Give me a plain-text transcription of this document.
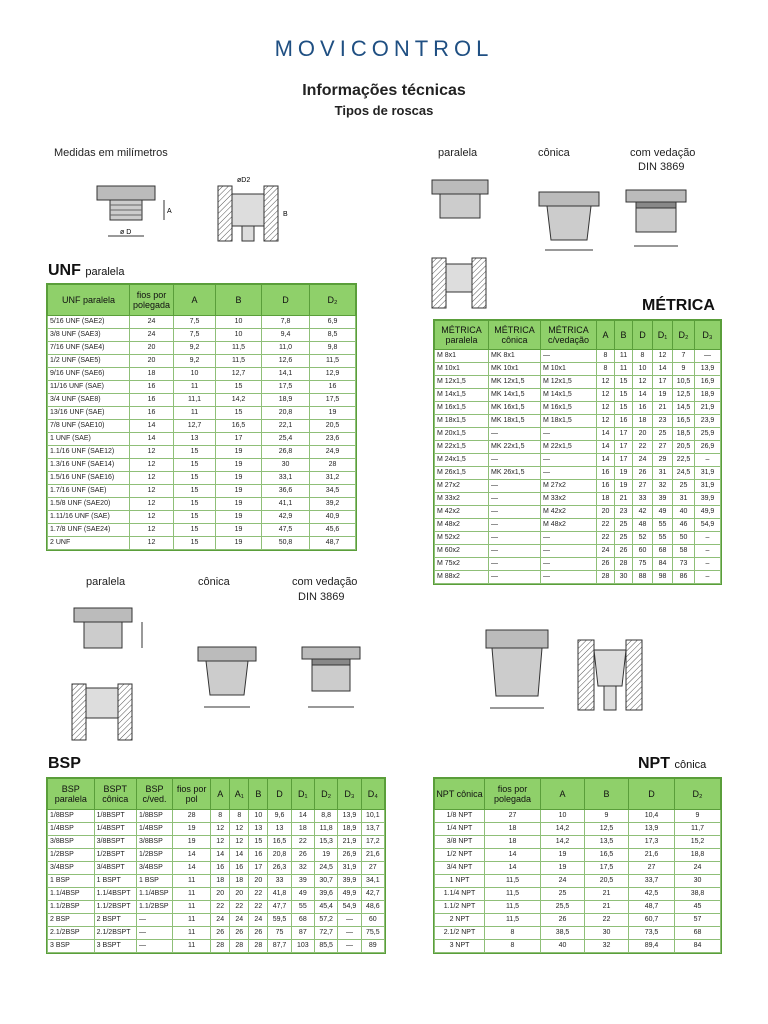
MOVICONTROL
Informações técnicas
Tipos de roscas
Medidas em milímetros	paralela	cônica	com vedação
DIN 3869
ø D
A
øD2
B
UNF paralela
UNF paralela	fios por polegada	A	B	D	D₂
5/16 UNF (SAE2)	24	7,5	10	7,8	6,9
3/8 UNF (SAE3)	24	7,5	10	9,4	8,5
7/16 UNF (SAE4)	20	9,2	11,5	11,0	9,8
1/2 UNF (SAE5)	20	9,2	11,5	12,6	11,5
9/16 UNF (SAE6)	18	10	12,7	14,1	12,9
11/16 UNF (SAE)	16	11	15	17,5	16
3/4 UNF (SAE8)	16	11,1	14,2	18,9	17,5
13/16 UNF (SAE)	16	11	15	20,8	19
7/8 UNF (SAE10)	14	12,7	16,5	22,1	20,5
1 UNF (SAE)	14	13	17	25,4	23,6
1.1/16 UNF (SAE12)	12	15	19	26,8	24,9
1.3/16 UNF (SAE14)	12	15	19	30	28
1.5/16 UNF (SAE16)	12	15	19	33,1	31,2
1.7/16 UNF (SAE)	12	15	19	36,6	34,5
1.5/8 UNF (SAE20)	12	15	19	41,1	39,2
1.11/16 UNF (SAE)	12	15	19	42,9	40,9
1.7/8 UNF (SAE24)	12	15	19	47,5	45,6
2 UNF	12	15	19	50,8	48,7
MÉTRICA
MÉTRICA paralela	MÉTRICA cônica	MÉTRICA c/vedação	A	B	D	D₁	D₂	D₃
M 8x1	MK 8x1	—	8	11	8	12	7	—
M 10x1	MK 10x1	M 10x1	8	11	10	14	9	13,9
M 12x1,5	MK 12x1,5	M 12x1,5	12	15	12	17	10,5	16,9
M 14x1,5	MK 14x1,5	M 14x1,5	12	15	14	19	12,5	18,9
M 16x1,5	MK 16x1,5	M 16x1,5	12	15	16	21	14,5	21,9
M 18x1,5	MK 18x1,5	M 18x1,5	12	16	18	23	16,5	23,9
M 20x1,5	—	—	14	17	20	25	18,5	25,9
M 22x1,5	MK 22x1,5	M 22x1,5	14	17	22	27	20,5	26,9
M 24x1,5	—	—	14	17	24	29	22,5	–
M 26x1,5	MK 26x1,5	—	16	19	26	31	24,5	31,9
M 27x2	—	M 27x2	16	19	27	32	25	31,9
M 33x2	—	M 33x2	18	21	33	39	31	39,9
M 42x2	—	M 42x2	20	23	42	49	40	49,9
M 48x2	—	M 48x2	22	25	48	55	46	54,9
M 52x2	—	—	22	25	52	55	50	–
M 60x2	—	—	24	26	60	68	58	–
M 75x2	—	—	26	28	75	84	73	–
M 88x2	—	—	28	30	88	98	86	–
paralela	cônica	com vedação
DIN 3869
BSP
BSP paralela	BSPT cônica	BSP c/ved.	fios por pol	A	A₁	B	D	D₁	D₂	D₃	D₄
1/8BSP	1/8BSPT	1/8BSP	28	8	8	10	9,6	14	8,8	13,9	10,1
1/4BSP	1/4BSPT	1/4BSP	19	12	12	13	13	18	11,8	18,9	13,7
3/8BSP	3/8BSPT	3/8BSP	19	12	12	15	16,5	22	15,3	21,9	17,2
1/2BSP	1/2BSPT	1/2BSP	14	14	14	16	20,8	26	19	26,9	21,6
3/4BSP	3/4BSPT	3/4BSP	14	16	16	17	26,3	32	24,5	31,9	27
1 BSP	1 BSPT	1 BSP	11	18	18	20	33	39	30,7	39,9	34,1
1.1/4BSP	1.1/4BSPT	1.1/4BSP	11	20	20	22	41,8	49	39,6	49,9	42,7
1.1/2BSP	1.1/2BSPT	1.1/2BSP	11	22	22	22	47,7	55	45,4	54,9	48,6
2 BSP	2 BSPT	—	11	24	24	24	59,5	68	57,2	—	60
2.1/2BSP	2.1/2BSPT	—	11	26	26	26	75	87	72,7	—	75,5
3 BSP	3 BSPT	—	11	28	28	28	87,7	103	85,5	—	89
NPT cônica
NPT cônica	fios por polegada	A	B	D	D₂
1/8 NPT	27	10	9	10,4	9
1/4 NPT	18	14,2	12,5	13,9	11,7
3/8 NPT	18	14,2	13,5	17,3	15,2
1/2 NPT	14	19	16,5	21,6	18,8
3/4 NPT	14	19	17,5	27	24
1 NPT	11,5	24	20,5	33,7	30
1.1/4 NPT	11,5	25	21	42,5	38,8
1.1/2 NPT	11,5	25,5	21	48,7	45
2 NPT	11,5	26	22	60,7	57
2.1/2 NPT	8	38,5	30	73,5	68
3 NPT	8	40	32	89,4	84
